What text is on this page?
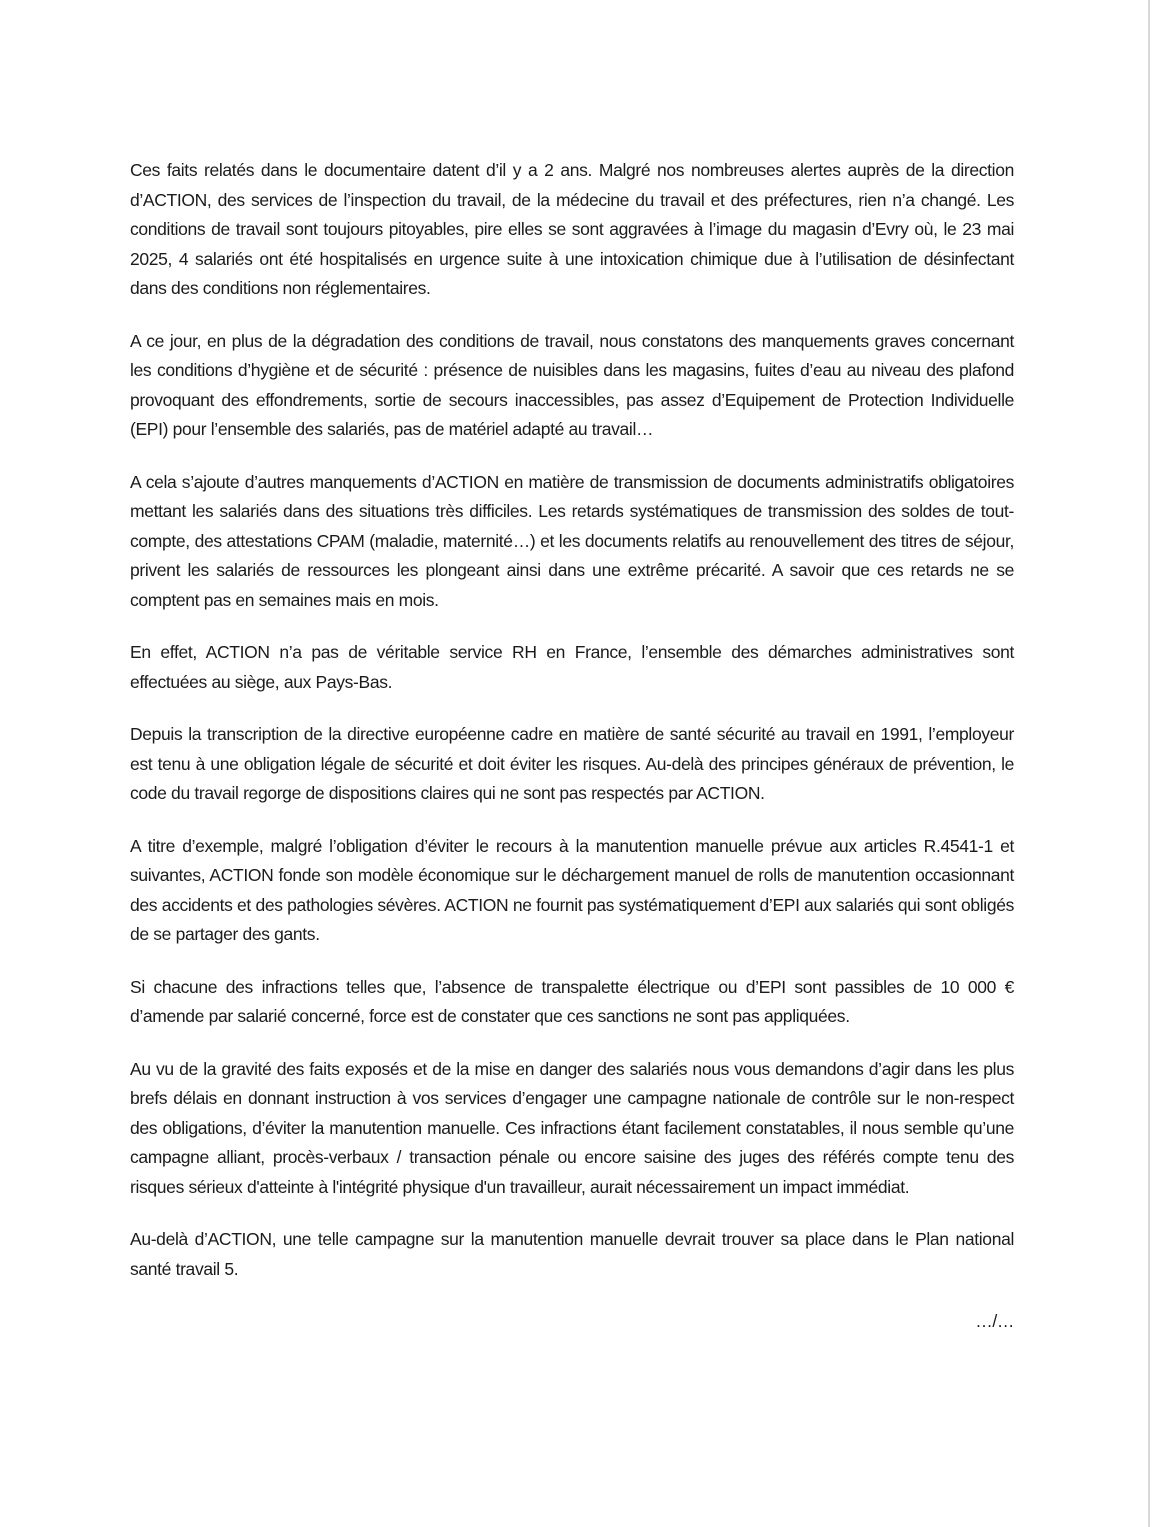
Ces faits relatés dans le documentaire datent d’il y a 2 ans. Malgré nos nombreuses alertes auprès de la direction d’ACTION, des services de l’inspection du travail, de la médecine du travail et des préfectures, rien n’a changé. Les conditions de travail sont toujours pitoyables, pire elles se sont aggravées à l’image du magasin d’Evry où, le 23 mai 2025, 4 salariés ont été hospitalisés en urgence suite à une intoxication chimique due à l’utilisation de désinfectant dans des conditions non réglementaires.

A ce jour, en plus de la dégradation des conditions de travail, nous constatons des manquements graves concernant les conditions d’hygiène et de sécurité : présence de nuisibles dans les magasins, fuites d’eau au niveau des plafond provoquant des effondrements, sortie de secours inaccessibles, pas assez d’Equipement de Protection Individuelle (EPI) pour l’ensemble des salariés, pas de matériel adapté au travail…

A cela s’ajoute d’autres manquements d’ACTION en matière de transmission de documents administratifs obligatoires mettant les salariés dans des situations très difficiles. Les retards systématiques de transmission des soldes de tout-compte, des attestations CPAM (maladie, maternité…) et les documents relatifs au renouvellement des titres de séjour, privent les salariés de ressources les plongeant ainsi dans une extrême précarité. A savoir que ces retards ne se comptent pas en semaines mais en mois.

En effet, ACTION n’a pas de véritable service RH en France, l’ensemble des démarches administratives sont effectuées au siège, aux Pays-Bas.

Depuis la transcription de la directive européenne cadre en matière de santé sécurité au travail en 1991, l’employeur est tenu à une obligation légale de sécurité et doit éviter les risques. Au-delà des principes généraux de prévention, le code du travail regorge de dispositions claires qui ne sont pas respectés par ACTION.

A titre d’exemple, malgré l’obligation d’éviter le recours à la manutention manuelle prévue aux articles R.4541-1 et suivantes, ACTION fonde son modèle économique sur le déchargement manuel de rolls de manutention occasionnant des accidents et des pathologies sévères. ACTION ne fournit pas systématiquement d’EPI aux salariés qui sont obligés de se partager des gants.

Si chacune des infractions telles que, l’absence de transpalette électrique ou d’EPI sont passibles de 10 000 € d’amende par salarié concerné, force est de constater que ces sanctions ne sont pas appliquées.

Au vu de la gravité des faits exposés et de la mise en danger des salariés nous vous demandons d’agir dans les plus brefs délais en donnant instruction à vos services d’engager une campagne nationale de contrôle sur le non-respect des obligations, d’éviter la manutention manuelle. Ces infractions étant facilement constatables, il nous semble qu’une campagne alliant, procès-verbaux / transaction pénale ou encore saisine des juges des référés compte tenu des risques sérieux d'atteinte à l'intégrité physique d'un travailleur, aurait nécessairement un impact immédiat.

Au-delà d’ACTION, une telle campagne sur la manutention manuelle devrait trouver sa place dans le Plan national santé travail 5.

…/…
